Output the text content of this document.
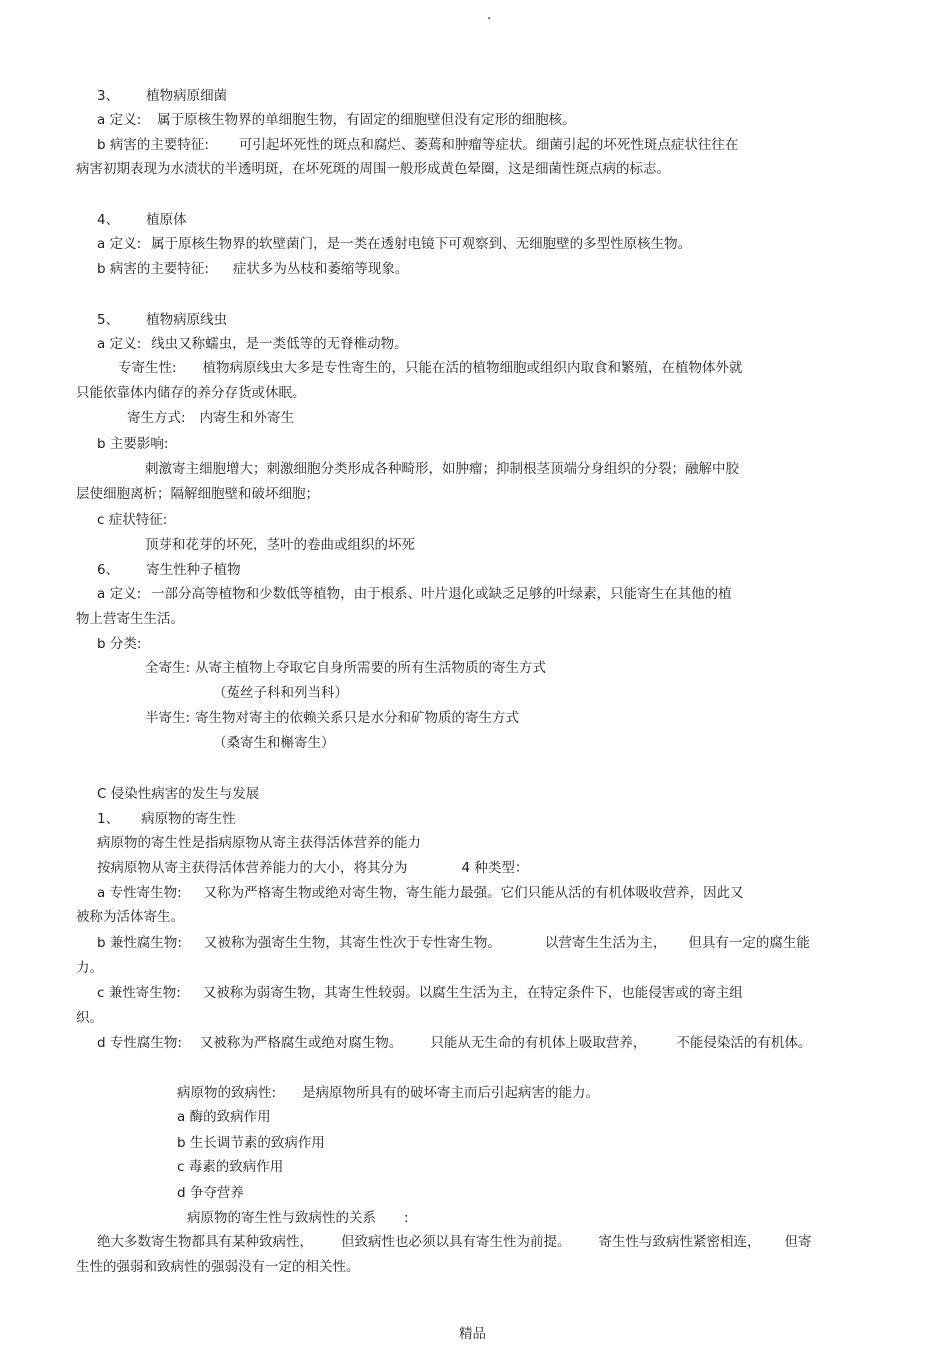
.
3、 植物病原细菌
a 定义: 属于原核生物界的单细胞生物，有固定的细胞壁但没有定形的细胞核。
b 病害的主要特征: 可引起坏死性的斑点和腐烂、萎蔫和肿瘤等症状。细菌引起的坏死性斑点症状往往在
病害初期表现为水渍状的半透明斑，在坏死斑的周围一般形成黄色晕圈，这是细菌性斑点病的标志。
4、 植原体
a 定义: 属于原核生物界的软壁菌门，是一类在透射电镜下可观察到、无细胞壁的多型性原核生物。
b 病害的主要特征: 症状多为丛枝和萎缩等现象。
5、 植物病原线虫
a 定义: 线虫又称蠕虫，是一类低等的无脊椎动物。
专寄生性: 植物病原线虫大多是专性寄生的，只能在活的植物细胞或组织内取食和繁殖，在植物体外就
只能依靠体内储存的养分存货或休眠。
寄生方式: 内寄生和外寄生
b 主要影响:
刺激寄主细胞增大；刺激细胞分类形成各种畸形，如肿瘤；抑制根茎顶端分身组织的分裂；融解中胶
层使细胞离析；隔解细胞壁和破坏细胞；
c 症状特征:
顶芽和花芽的坏死，茎叶的卷曲或组织的坏死
6、 寄生性种子植物
a 定义: 一部分高等植物和少数低等植物，由于根系、叶片退化或缺乏足够的叶绿素，只能寄生在其他的植
物上营寄生生活。
b 分类:
全寄生: 从寄主植物上夺取它自身所需要的所有生活物质的寄生方式
（菟丝子科和列当科）
半寄生: 寄生物对寄主的依赖关系只是水分和矿物质的寄生方式
（桑寄生和槲寄生）
C 侵染性病害的发生与发展
1、 病原物的寄生性
病原物的寄生性是指病原物从寄主获得活体营养的能力
按病原物从寄主获得活体营养能力的大小，将其分为	4 种类型：
a 专性寄生物: 又称为严格寄生物或绝对寄生物，寄生能力最强。它们只能从活的有机体吸收营养，因此又
被称为活体寄生。
b 兼性腐生物: 又被称为强寄生生物，其寄生性次于专性寄生物。	以营寄生生活为主， 但具有一定的腐生能
力。
c 兼性寄生物: 又被称为弱寄生物，其寄生性较弱。以腐生生活为主，在特定条件下，也能侵害或的寄主组
织。
d 专性腐生物: 又被称为严格腐生或绝对腐生物。 只能从无生命的有机体上吸取营养， 不能侵染活的有机体。
病原物的致病性: 是病原物所具有的破坏寄主而后引起病害的能力。
a 酶的致病作用
b 生长调节素的致病作用
c 毒素的致病作用
d 争夺营养
病原物的寄生性与致病性的关系 :
绝大多数寄生物都具有某种致病性， 但致病性也必须以具有寄生性为前提。 寄生性与致病性紧密相连， 但寄
生性的强弱和致病性的强弱没有一定的相关性。
精品
